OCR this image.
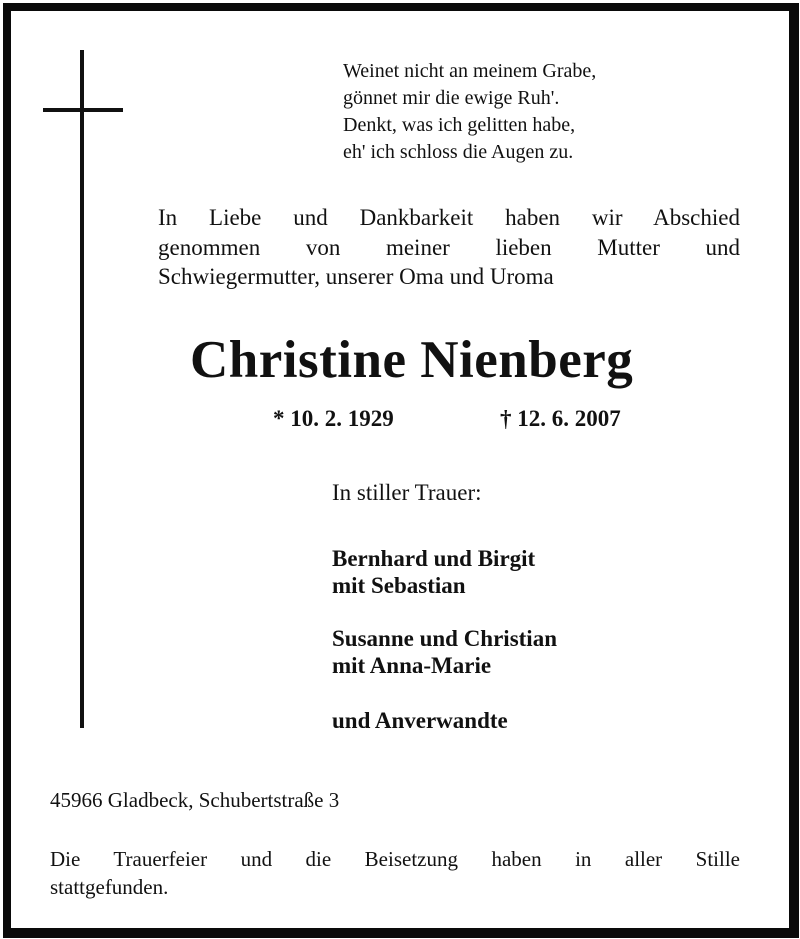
Weinet nicht an meinem Grabe,
gönnet mir die ewige Ruh'.
Denkt, was ich gelitten habe,
eh' ich schloss die Augen zu.
In Liebe und Dankbarkeit haben wir Abschied
genommen von meiner lieben Mutter und
Schwiegermutter, unserer Oma und Uroma
Christine Nienberg
* 10. 2. 1929	† 12. 6. 2007
In stiller Trauer:
Bernhard und Birgit
mit Sebastian
Susanne und Christian
mit Anna-Marie
und Anverwandte
45966 Gladbeck, Schubertstraße 3
Die Trauerfeier und die Beisetzung haben in aller Stille
stattgefunden.
